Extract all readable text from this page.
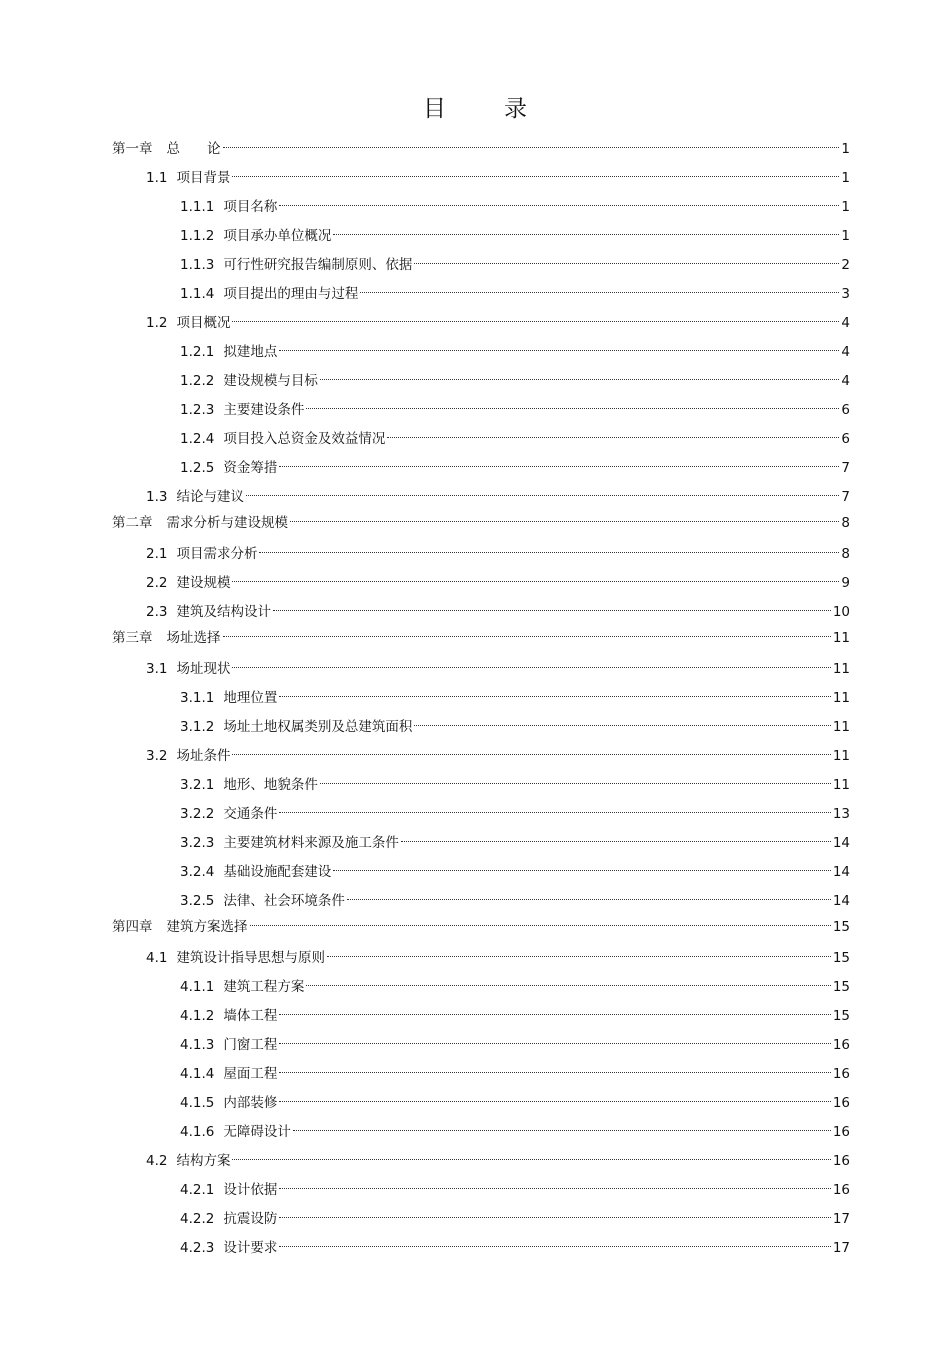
目	录
第一章 总　　论	1
1.1 项目背景	1
1.1.1 项目名称	1
1.1.2 项目承办单位概况	1
1.1.3 可行性研究报告编制原则、依据	2
1.1.4 项目提出的理由与过程	3
1.2 项目概况	4
1.2.1 拟建地点	4
1.2.2 建设规模与目标	4
1.2.3 主要建设条件	6
1.2.4 项目投入总资金及效益情况	6
1.2.5 资金筹措	7
1.3 结论与建议	7
第二章 需求分析与建设规模	8
2.1 项目需求分析	8
2.2 建设规模	9
2.3 建筑及结构设计	10
第三章 场址选择	11
3.1 场址现状	11
3.1.1 地理位置	11
3.1.2 场址土地权属类别及总建筑面积	11
3.2 场址条件	11
3.2.1 地形、地貌条件	11
3.2.2 交通条件	13
3.2.3 主要建筑材料来源及施工条件	14
3.2.4 基础设施配套建设	14
3.2.5 法律、社会环境条件	14
第四章 建筑方案选择	15
4.1 建筑设计指导思想与原则	15
4.1.1 建筑工程方案	15
4.1.2 墙体工程	15
4.1.3 门窗工程	16
4.1.4 屋面工程	16
4.1.5 内部装修	16
4.1.6 无障碍设计	16
4.2 结构方案	16
4.2.1 设计依据	16
4.2.2 抗震设防	17
4.2.3 设计要求	17
